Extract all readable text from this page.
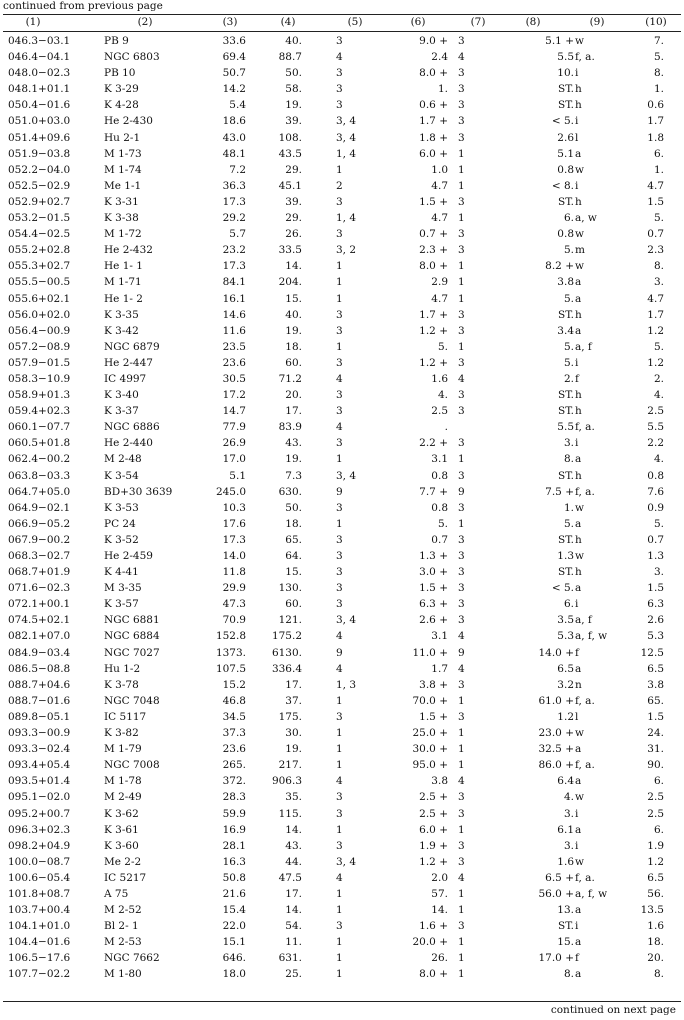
continued from previous page
(1)	(2)	(3)	(4)	(5)	(6)	(7)	(8)	(9)	(10)
046.3−03.1	PB 9	33.6	40.	3	9.0 + 3	5.1 + w	7.
046.4−04.1	NGC 6803	69.4	88.7	4	2.4 4	5.5 f, a.	5.
048.0−02.3	PB 10	50.7	50.	3	8.0 + 3	10. i	8.
048.1+01.1	K 3-29	14.2	58.	3	1. 3	ST. h	1.
050.4−01.6	K 4-28	5.4	19.	3	0.6 + 3	ST. h	0.6
051.0+03.0	He 2-430	18.6	39.	3, 4	1.7 + 3	< 5. i	1.7
051.4+09.6	Hu 2-1	43.0	108.	3, 4	1.8 + 3	2.6 l	1.8
051.9−03.8	M 1-73	48.1	43.5	1, 4	6.0 + 1	5.1 a	6.
052.2−04.0	M 1-74	7.2	29.	1	1.0 1	0.8 w	1.
052.5−02.9	Me 1-1	36.3	45.1	2	4.7 1	< 8. i	4.7
052.9+02.7	K 3-31	17.3	39.	3	1.5 + 3	ST. h	1.5
053.2−01.5	K 3-38	29.2	29.	1, 4	4.7 1	6. a, w	5.
054.4−02.5	M 1-72	5.7	26.	3	0.7 + 3	0.8 w	0.7
055.2+02.8	He 2-432	23.2	33.5	3, 2	2.3 + 3	5. m	2.3
055.3+02.7	He 1- 1	17.3	14.	1	8.0 + 1	8.2 + w	8.
055.5−00.5	M 1-71	84.1	204.	1	2.9 1	3.8 a	3.
055.6+02.1	He 1- 2	16.1	15.	1	4.7 1	5. a	4.7
056.0+02.0	K 3-35	14.6	40.	3	1.7 + 3	ST. h	1.7
056.4−00.9	K 3-42	11.6	19.	3	1.2 + 3	3.4 a	1.2
057.2−08.9	NGC 6879	23.5	18.	1	5. 1	5. a, f	5.
057.9−01.5	He 2-447	23.6	60.	3	1.2 + 3	5. i	1.2
058.3−10.9	IC 4997	30.5	71.2	4	1.6 4	2. f	2.
058.9+01.3	K 3-40	17.2	20.	3	4. 3	ST. h	4.
059.4+02.3	K 3-37	14.7	17.	3	2.5 3	ST. h	2.5
060.1−07.7	NGC 6886	77.9	83.9	4	.	5.5 f, a.	5.5
060.5+01.8	He 2-440	26.9	43.	3	2.2 + 3	3. i	2.2
062.4−00.2	M 2-48	17.0	19.	1	3.1 1	8. a	4.
063.8−03.3	K 3-54	5.1	7.3	3, 4	0.8 3	ST. h	0.8
064.7+05.0	BD+30 3639	245.0	630.	9	7.7 + 9	7.5 + f, a.	7.6
064.9−02.1	K 3-53	10.3	50.	3	0.8 3	1. w	0.9
066.9−05.2	PC 24	17.6	18.	1	5. 1	5. a	5.
067.9−00.2	K 3-52	17.3	65.	3	0.7 3	ST. h	0.7
068.3−02.7	He 2-459	14.0	64.	3	1.3 + 3	1.3 w	1.3
068.7+01.9	K 4-41	11.8	15.	3	3.0 + 3	ST. h	3.
071.6−02.3	M 3-35	29.9	130.	3	1.5 + 3	< 5. a	1.5
072.1+00.1	K 3-57	47.3	60.	3	6.3 + 3	6. i	6.3
074.5+02.1	NGC 6881	70.9	121.	3, 4	2.6 + 3	3.5 a, f	2.6
082.1+07.0	NGC 6884	152.8 175.2	4	3.1 4	5.3 a, f, w	5.3
084.9−03.4	NGC 7027	1373. 6130.	9	11.0 + 9	14.0 + f	12.5
086.5−08.8	Hu 1-2	107.5 336.4	4	1.7 4	6.5 a	6.5
088.7+04.6	K 3-78	15.2	17.	1, 3	3.8 + 3	3.2 n	3.8
088.7−01.6	NGC 7048	46.8	37.	1	70.0 + 1	61.0 + f, a.	65.
089.8−05.1	IC 5117	34.5	175.	3	1.5 + 3	1.2 l	1.5
093.3−00.9	K 3-82	37.3	30.	1	25.0 + 1	23.0 + w	24.
093.3−02.4	M 1-79	23.6	19.	1	30.0 + 1	32.5 + a	31.
093.4+05.4	NGC 7008	265.	217.	1	95.0 + 1	86.0 + f, a.	90.
093.5+01.4	M 1-78	372. 906.3	4	3.8 4	6.4 a	6.
095.1−02.0	M 2-49	28.3	35.	3	2.5 + 3	4. w	2.5
095.2+00.7	K 3-62	59.9	115.	3	2.5 + 3	3. i	2.5
096.3+02.3	K 3-61	16.9	14.	1	6.0 + 1	6.1 a	6.
098.2+04.9	K 3-60	28.1	43.	3	1.9 + 3	3. i	1.9
100.0−08.7	Me 2-2	16.3	44.	3, 4	1.2 + 3	1.6 w	1.2
100.6−05.4	IC 5217	50.8	47.5	4	2.0 4	6.5 + f, a.	6.5
101.8+08.7	A 75	21.6	17.	1	57. 1	56.0 + a, f, w	56.
103.7+00.4	M 2-52	15.4	14.	1	14. 1	13. a	13.5
104.1+01.0	Bl 2- 1	22.0	54.	3	1.6 + 3	ST. i	1.6
104.4−01.6	M 2-53	15.1	11.	1	20.0 + 1	15. a	18.
106.5−17.6	NGC 7662	646.	631.	1	26. 1	17.0 + f	20.
107.7−02.2	M 1-80	18.0	25.	1	8.0 + 1	8. a	8.
continued on next page
